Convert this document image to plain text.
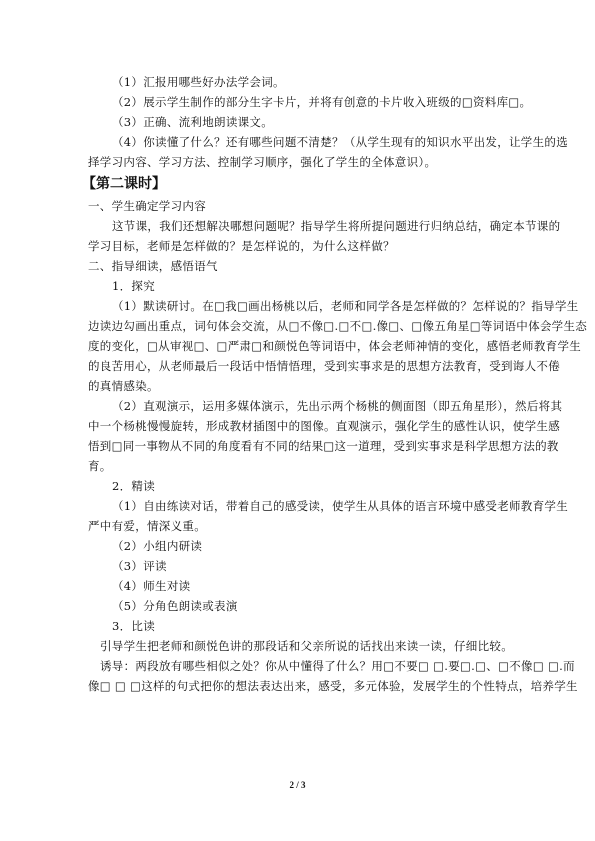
（1）汇报用哪些好办法学会词。
（2）展示学生制作的部分生字卡片，并将有创意的卡片收入班级的□资料库□。
（3）正确、流利地朗读课文。
（4）你读懂了什么？还有哪些问题不清楚？（从学生现有的知识水平出发，让学生的选
择学习内容、学习方法、控制学习顺序，强化了学生的全体意识）。
【第二课时】
一、学生确定学习内容
这节课，我们还想解决哪想问题呢？指导学生将所提问题进行归纳总结，确定本节课的
学习目标，老师是怎样做的？是怎样说的，为什么这样做？
二、指导细读，感悟语气
1．探究
（1）默读研讨。在□我□画出杨桃以后，老师和同学各是怎样做的？怎样说的？指导学生
边读边勾画出重点，词句体会交流，从□不像□.□不□.像□、□像五角星□等词语中体会学生态
度的变化，□从审视□、□严肃□和颜悦色等词语中，体会老师神情的变化，感悟老师教育学生
的良苦用心，从老师最后一段话中悟情悟理，受到实事求是的思想方法教育，受到诲人不倦
的真情感染。
（2）直观演示，运用多媒体演示，先出示两个杨桃的侧面图（即五角星形），然后将其
中一个杨桃慢慢旋转，形成教材插图中的图像。直观演示，强化学生的感性认识，使学生感
悟到□同一事物从不同的角度看有不同的结果□这一道理，受到实事求是科学思想方法的教
育。
2．精读
（1）自由练读对话，带着自己的感受读，使学生从具体的语言环境中感受老师教育学生
严中有爱，情深义重。
（2）小组内研读
（3）评读
（4）师生对读
（5）分角色朗读或表演
3．比读
引导学生把老师和颜悦色讲的那段话和父亲所说的话找出来读一读，仔细比较。
诱导：两段放有哪些相似之处？你从中懂得了什么？用□不要□ □.要□.□、□不像□ □.而
像□ □ □这样的句式把你的想法表达出来，感受，多元体验，发展学生的个性特点，培养学生
2 / 3
